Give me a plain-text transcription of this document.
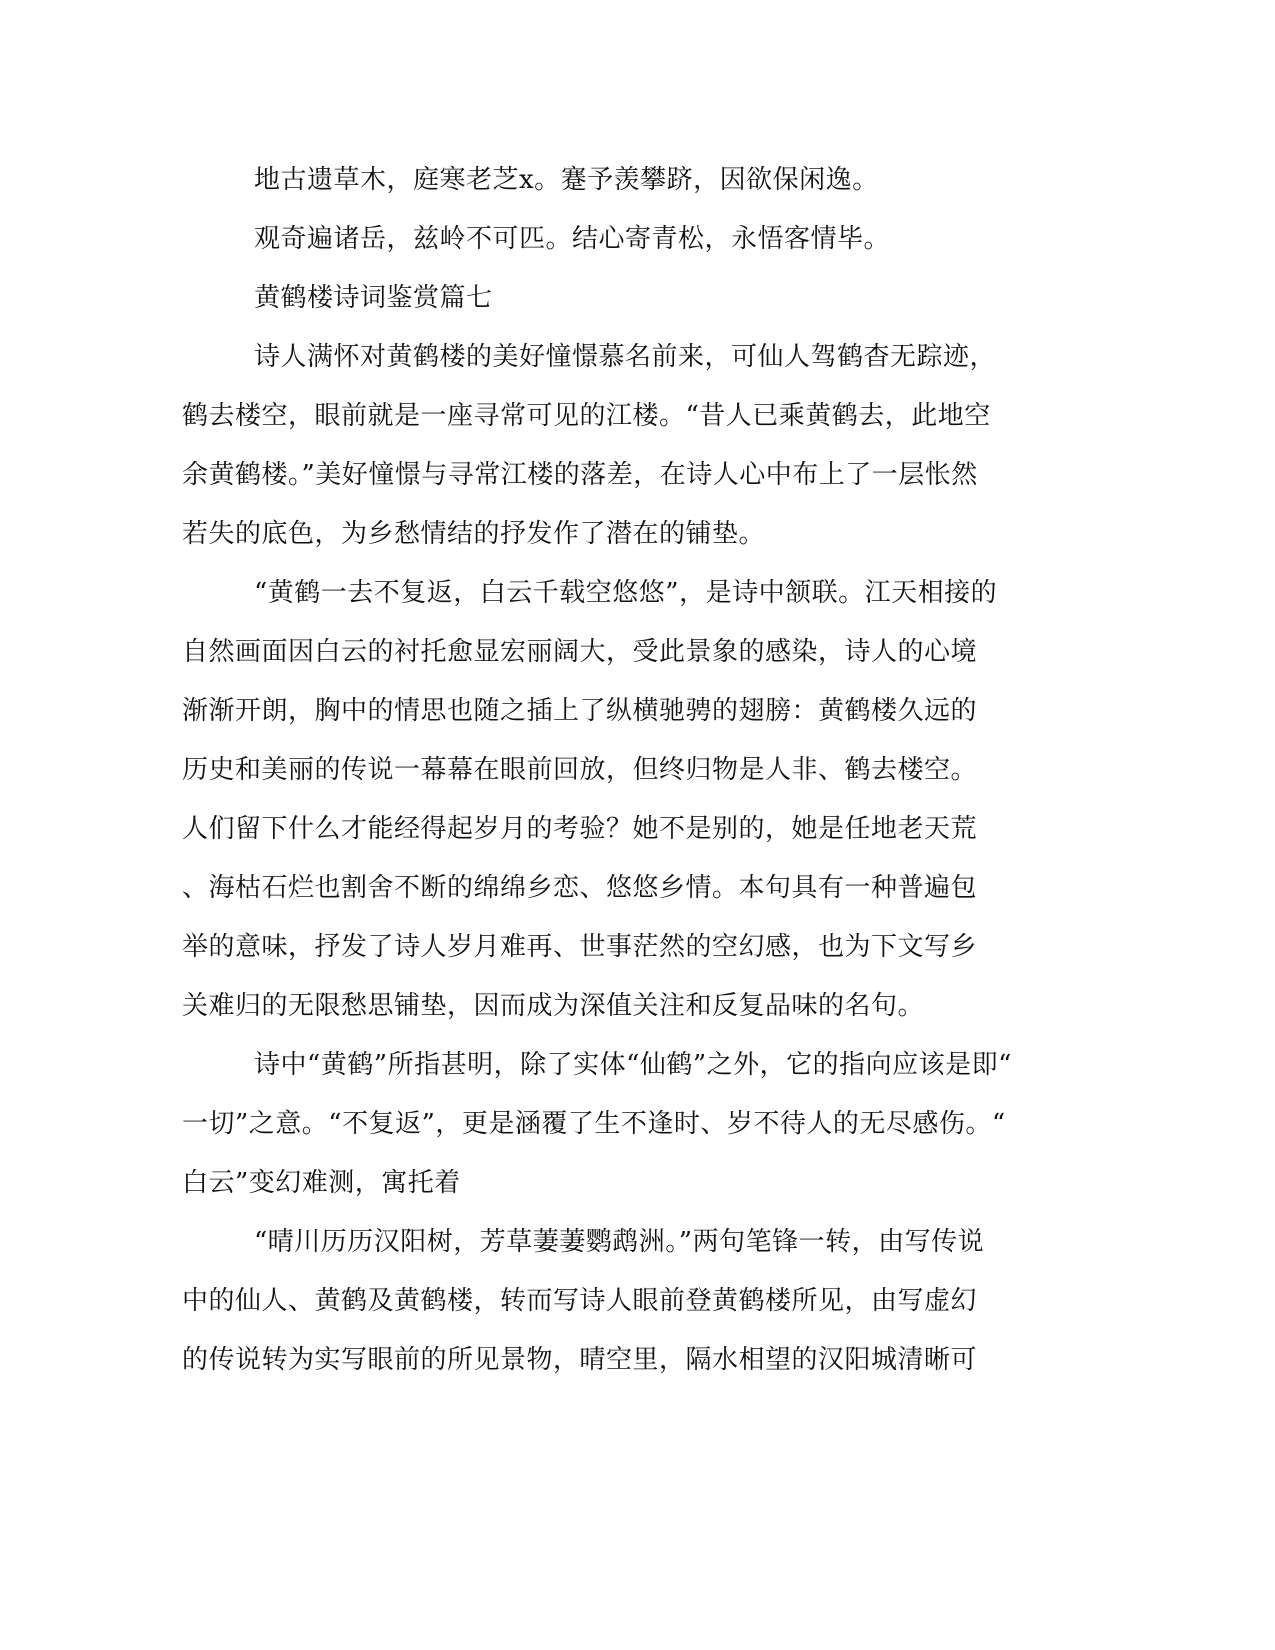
地古遗草木，庭寒老芝x。蹇予羡攀跻，因欲保闲逸。
观奇遍诸岳，兹岭不可匹。结心寄青松，永悟客情毕。
黄鹤楼诗词鉴赏篇七
诗人满怀对黄鹤楼的美好憧憬慕名前来，可仙人驾鹤杳无踪迹，
鹤去楼空，眼前就是一座寻常可见的江楼。“昔人已乘黄鹤去，此地空
余黄鹤楼。”美好憧憬与寻常江楼的落差，在诗人心中布上了一层怅然
若失的底色，为乡愁情结的抒发作了潜在的铺垫。
“黄鹤一去不复返，白云千载空悠悠”，是诗中颔联。江天相接的
自然画面因白云的衬托愈显宏丽阔大，受此景象的感染，诗人的心境
渐渐开朗，胸中的情思也随之插上了纵横驰骋的翅膀：黄鹤楼久远的
历史和美丽的传说一幕幕在眼前回放，但终归物是人非、鹤去楼空。
人们留下什么才能经得起岁月的考验？她不是别的，她是任地老天荒
、海枯石烂也割舍不断的绵绵乡恋、悠悠乡情。本句具有一种普遍包
举的意味，抒发了诗人岁月难再、世事茫然的空幻感，也为下文写乡
关难归的无限愁思铺垫，因而成为深值关注和反复品味的名句。
诗中“黄鹤”所指甚明，除了实体“仙鹤”之外，它的指向应该是即“
一切”之意。“不复返”，更是涵覆了生不逢时、岁不待人的无尽感伤。“
白云”变幻难测，寓托着
“晴川历历汉阳树，芳草萋萋鹦鹉洲。”两句笔锋一转，由写传说
中的仙人、黄鹤及黄鹤楼，转而写诗人眼前登黄鹤楼所见，由写虚幻
的传说转为实写眼前的所见景物，晴空里，隔水相望的汉阳城清晰可
